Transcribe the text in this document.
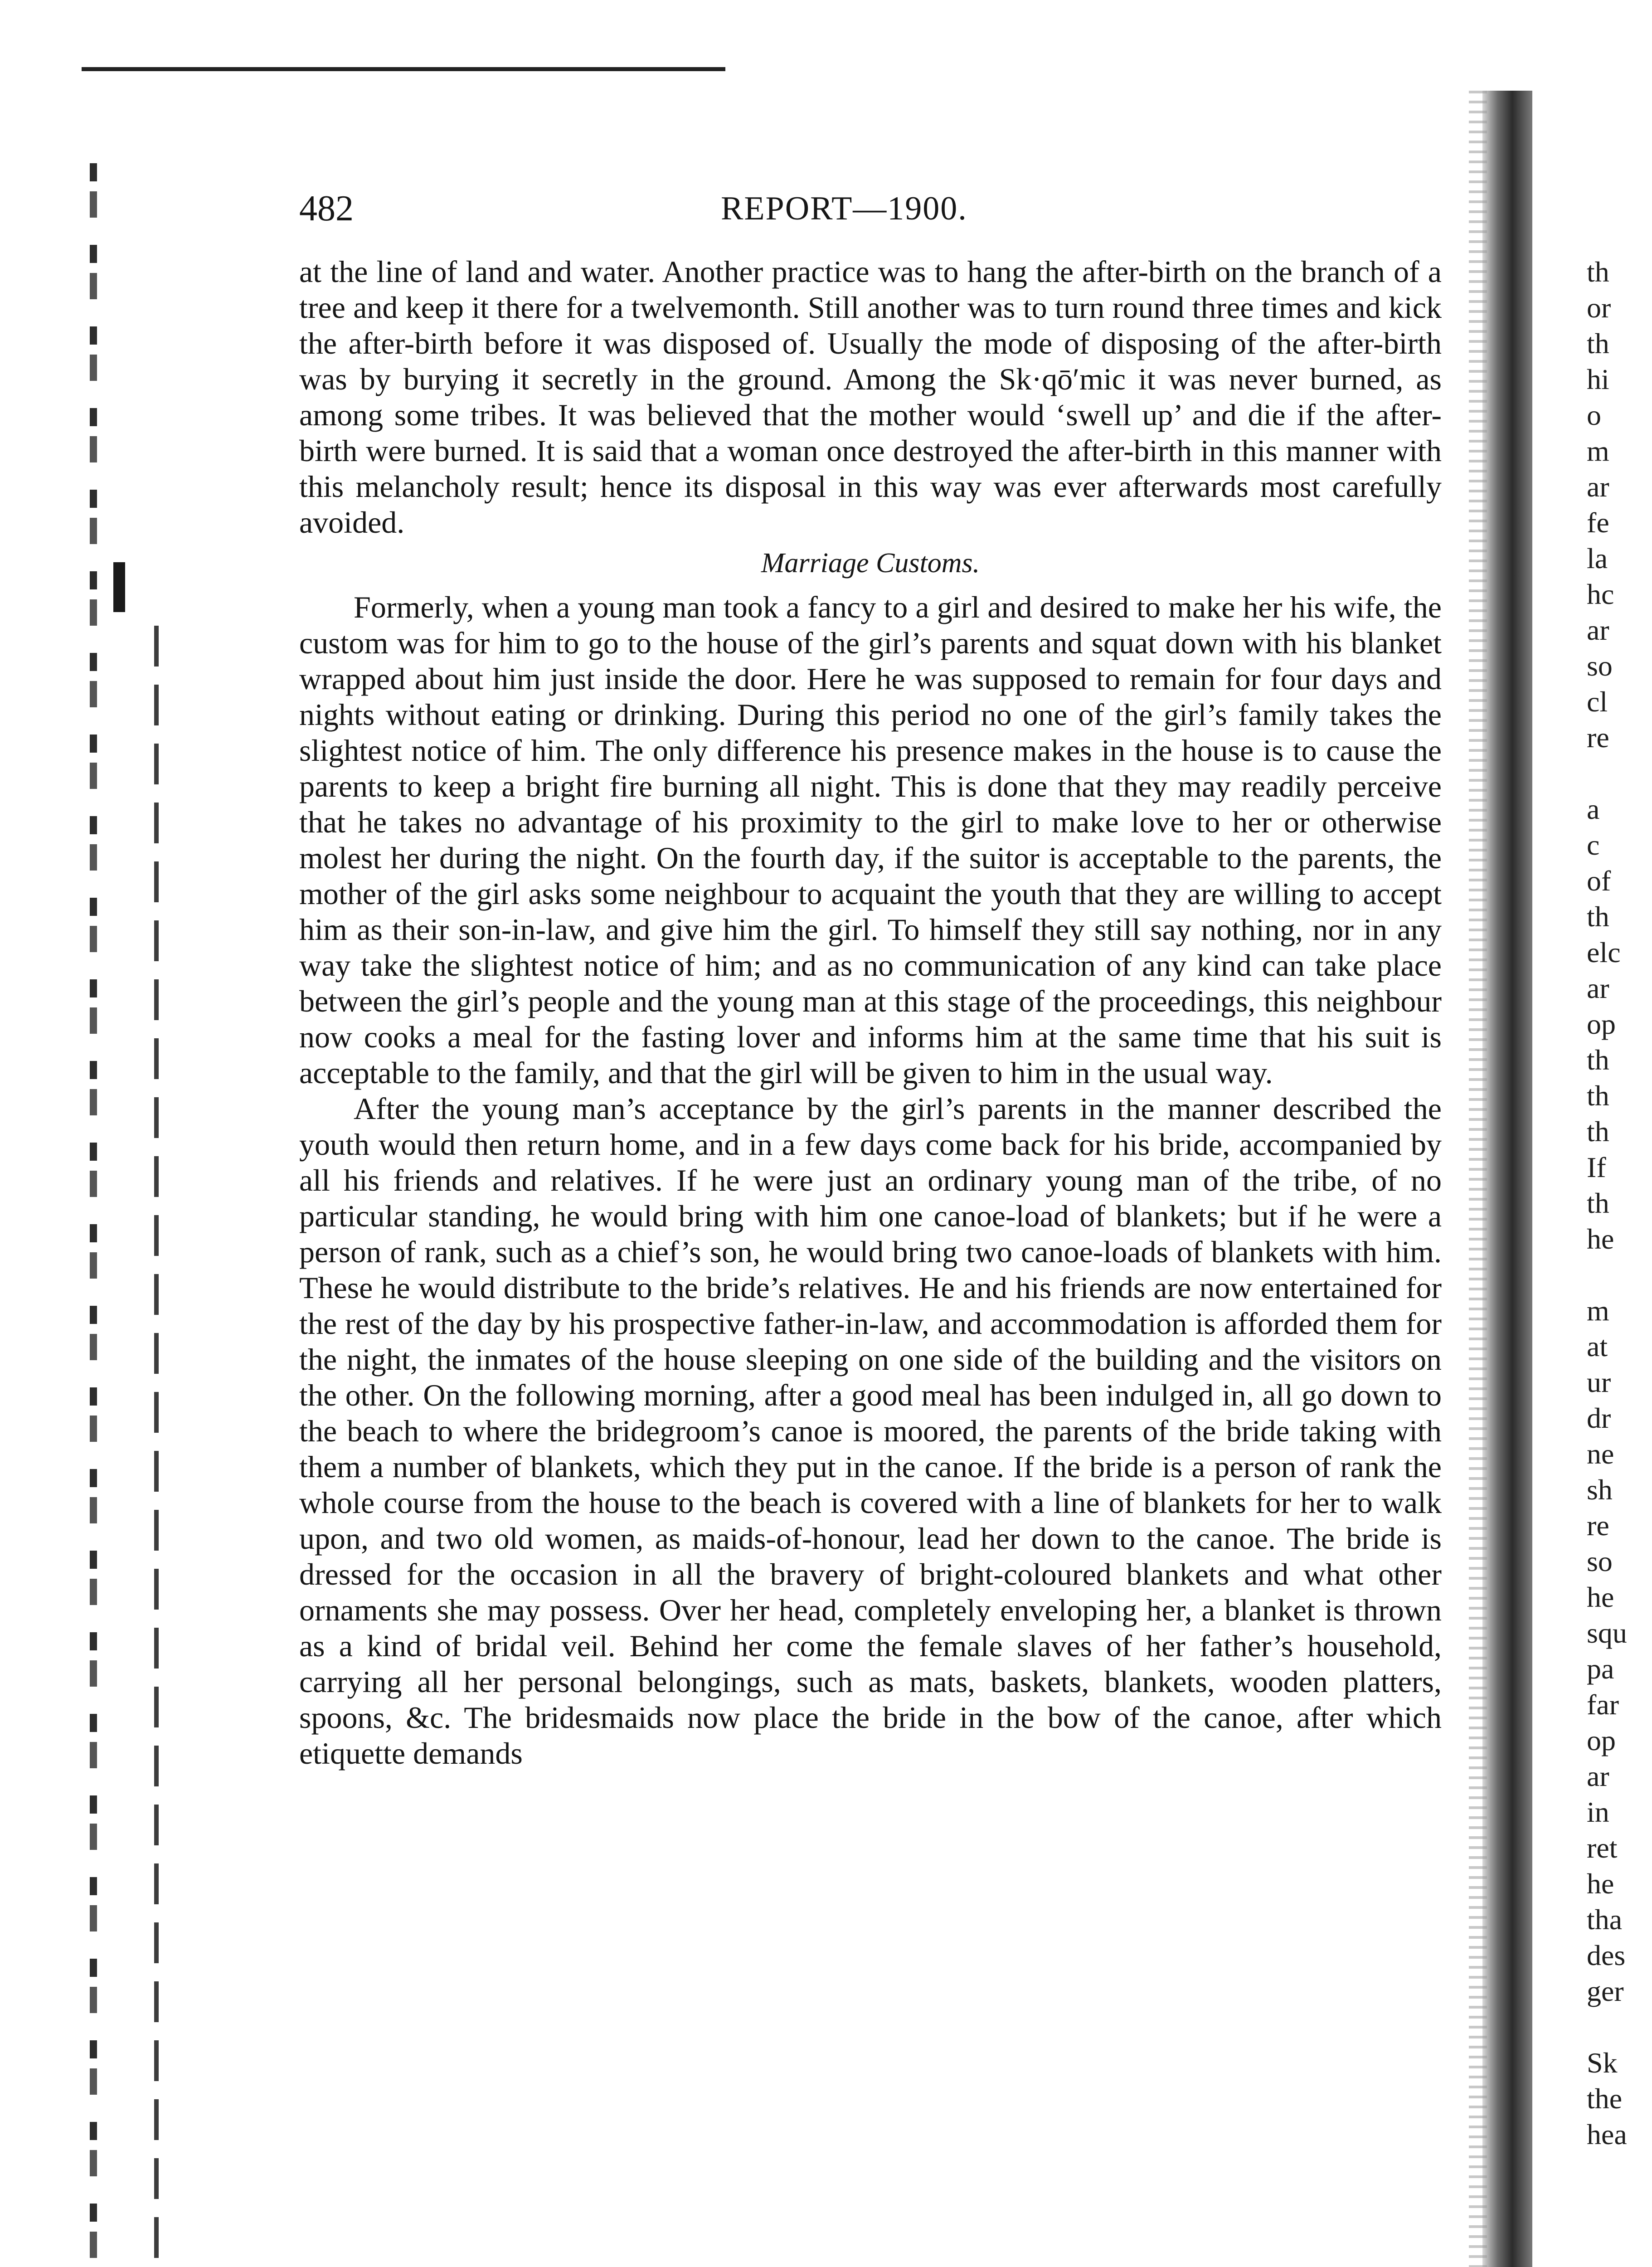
482	REPORT—1900.

at the line of land and water. Another practice was to hang the after-birth on the branch of a tree and keep it there for a twelvemonth. Still another was to turn round three times and kick the after-birth before it was disposed of. Usually the mode of disposing of the after-birth was by burying it secretly in the ground. Among the Sk·qō′mic it was never burned, as among some tribes. It was believed that the mother would ‘swell up’ and die if the after-birth were burned. It is said that a woman once destroyed the after-birth in this manner with this melancholy result; hence its disposal in this way was ever afterwards most carefully avoided.

Marriage Customs.

Formerly, when a young man took a fancy to a girl and desired to make her his wife, the custom was for him to go to the house of the girl’s parents and squat down with his blanket wrapped about him just inside the door. Here he was supposed to remain for four days and nights without eating or drinking. During this period no one of the girl’s family takes the slightest notice of him. The only difference his presence makes in the house is to cause the parents to keep a bright fire burning all night. This is done that they may readily perceive that he takes no advantage of his proximity to the girl to make love to her or otherwise molest her during the night. On the fourth day, if the suitor is acceptable to the parents, the mother of the girl asks some neighbour to acquaint the youth that they are willing to accept him as their son-in-law, and give him the girl. To himself they still say nothing, nor in any way take the slightest notice of him; and as no communication of any kind can take place between the girl’s people and the young man at this stage of the proceedings, this neighbour now cooks a meal for the fasting lover and informs him at the same time that his suit is acceptable to the family, and that the girl will be given to him in the usual way.

After the young man’s acceptance by the girl’s parents in the manner described the youth would then return home, and in a few days come back for his bride, accompanied by all his friends and relatives. If he were just an ordinary young man of the tribe, of no particular standing, he would bring with him one canoe-load of blankets; but if he were a person of rank, such as a chief’s son, he would bring two canoe-loads of blankets with him. These he would distribute to the bride’s relatives. He and his friends are now entertained for the rest of the day by his prospective father-in-law, and accommodation is afforded them for the night, the inmates of the house sleeping on one side of the building and the visitors on the other. On the following morning, after a good meal has been indulged in, all go down to the beach to where the bridegroom’s canoe is moored, the parents of the bride taking with them a number of blankets, which they put in the canoe. If the bride is a person of rank the whole course from the house to the beach is covered with a line of blankets for her to walk upon, and two old women, as maids-of-honour, lead her down to the canoe. The bride is dressed for the occasion in all the bravery of bright-coloured blankets and what other ornaments she may possess. Over her head, completely enveloping her, a blanket is thrown as a kind of bridal veil. Behind her come the female slaves of her father’s household, carrying all her personal belongings, such as mats, baskets, blankets, wooden platters, spoons, &c. The bridesmaids now place the bride in the bow of the canoe, after which etiquette demands

th
or
th
hi
o
m
ar
fe
la
hc
ar
so
cl
re
a
c
of
th
elc
ar
op
th
th
th
If
th
he
m
at
ur
dr
ne
sh
re
so
he
squ
pa
far
op
ar
in
ret
he
tha
des
ger
Sk
the
hea
